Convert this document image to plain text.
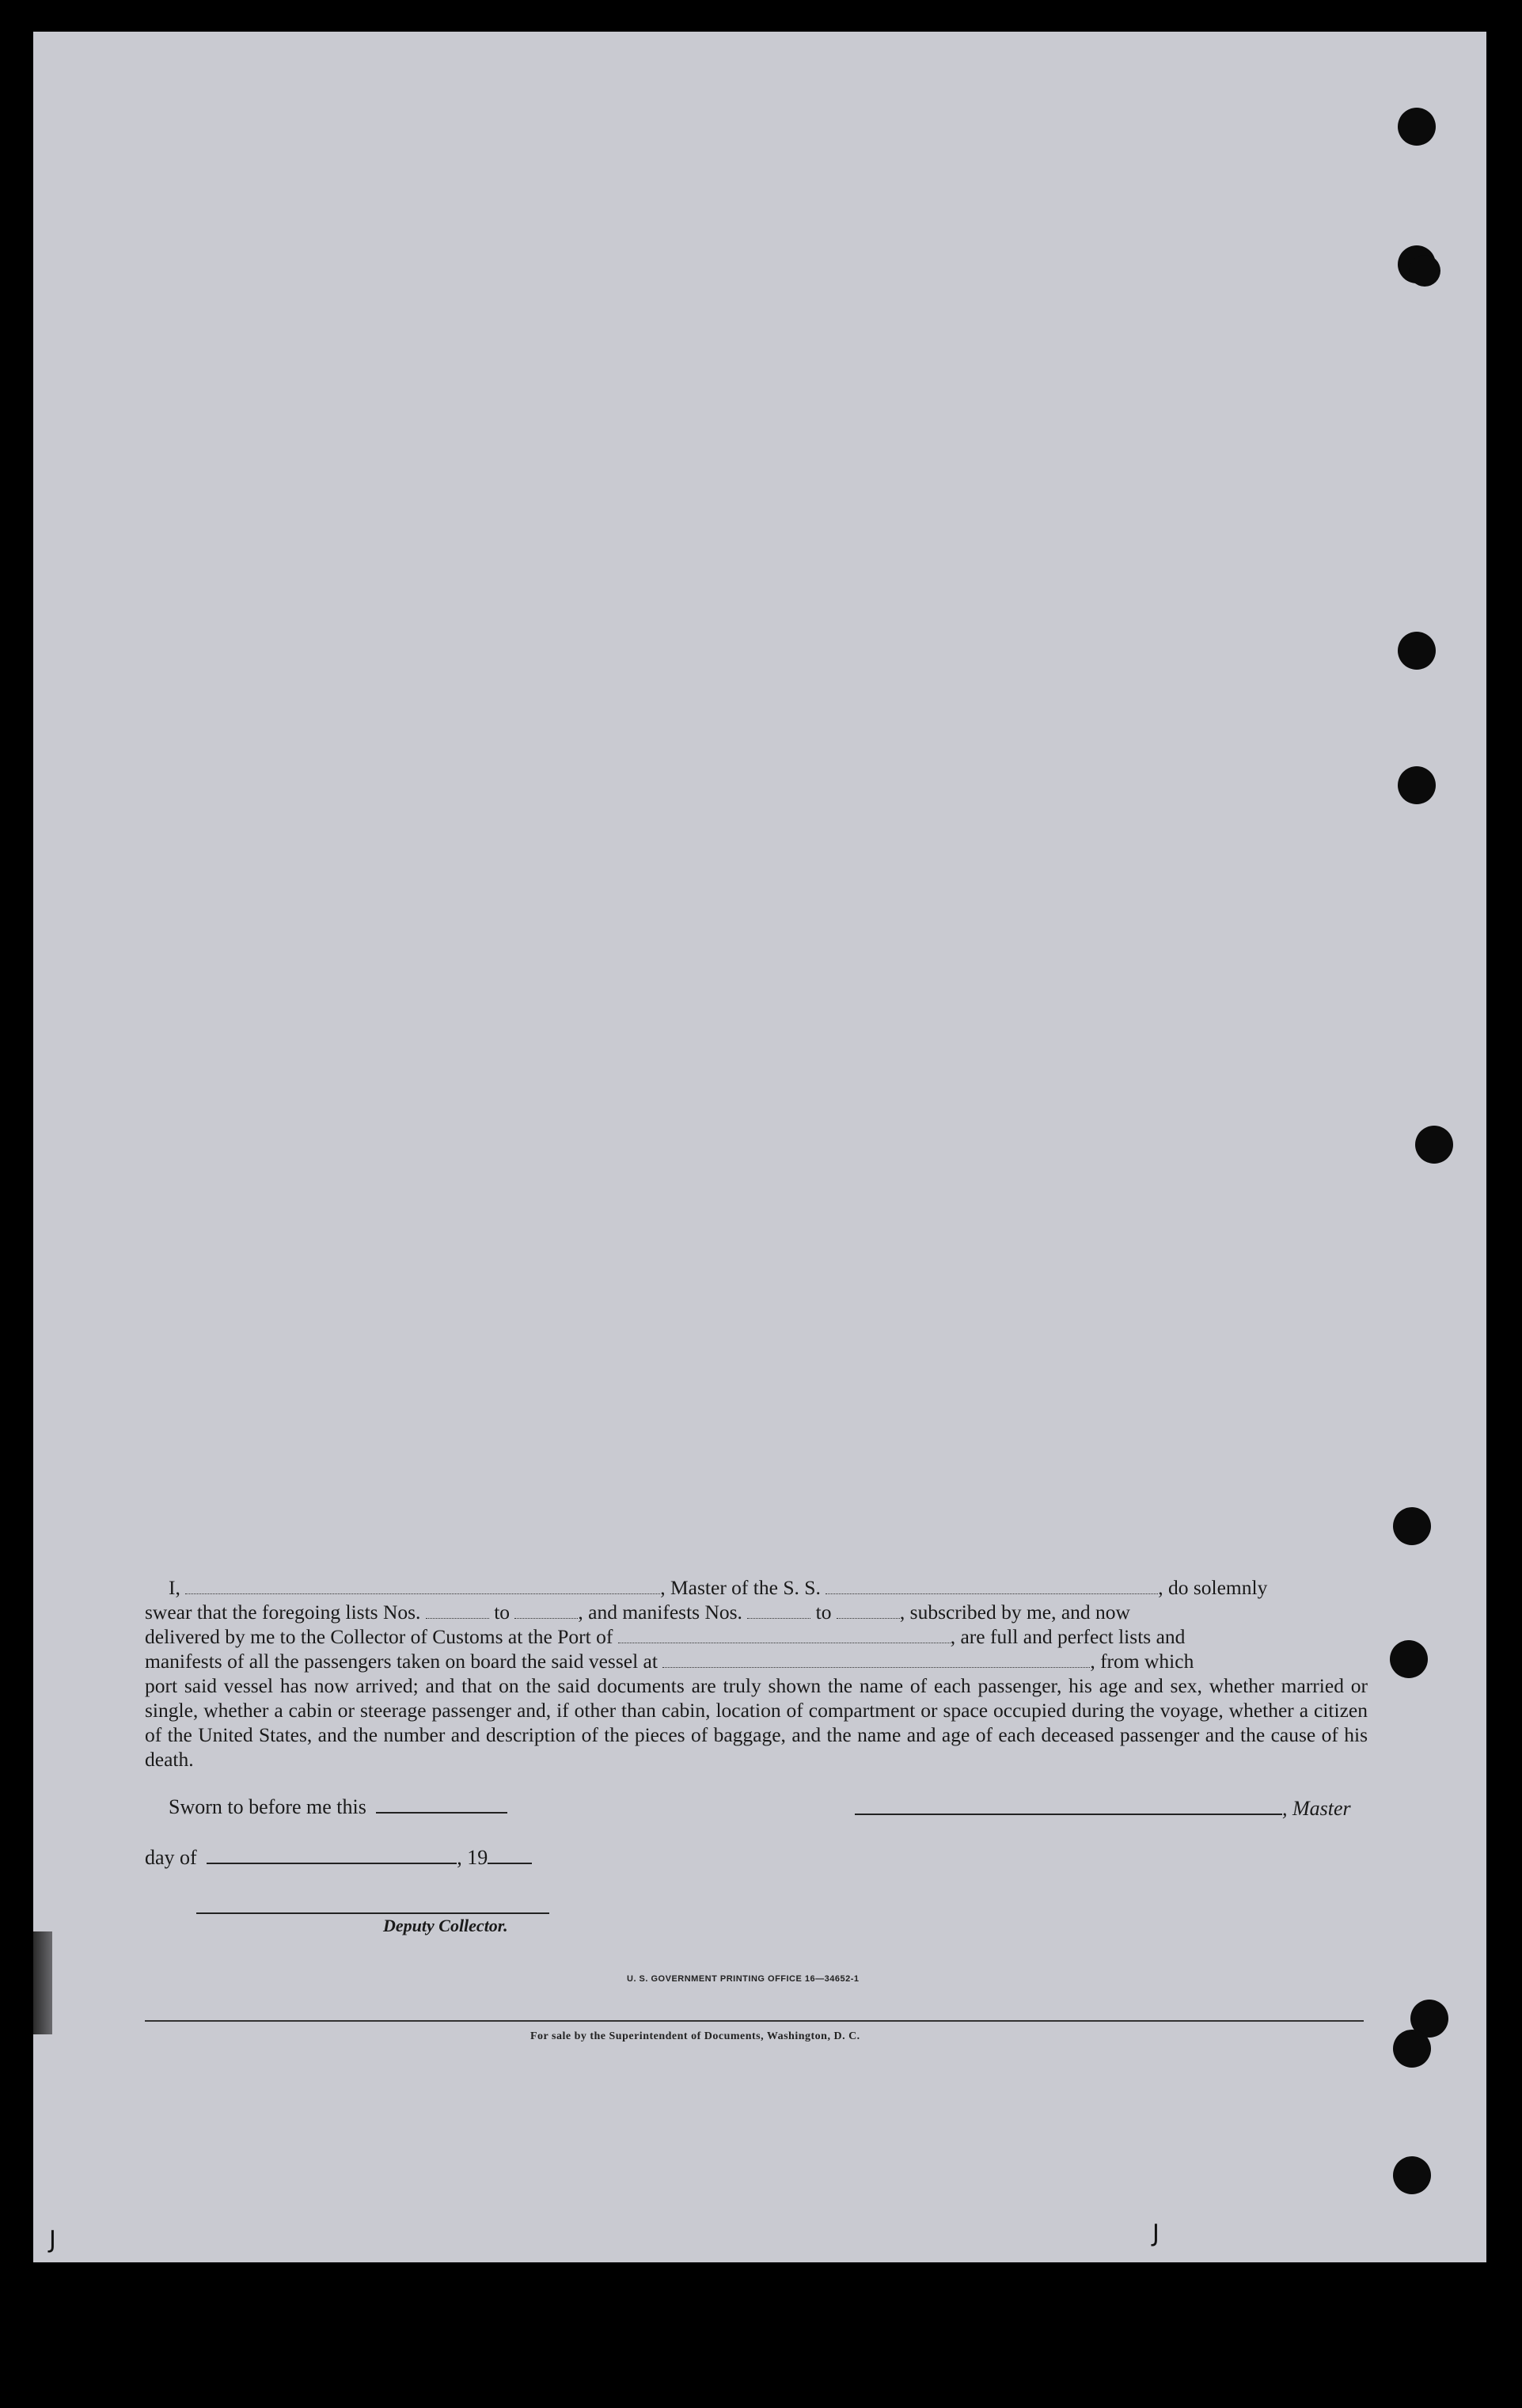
I,	, Master of the S. S.	, do solemnly

swear that the foregoing lists Nos.	to	, and manifests Nos.	to	, subscribed by me, and now

delivered by me to the Collector of Customs at the Port of	, are full and perfect lists and

manifests of all the passengers taken on board the said vessel at	, from which

port said vessel has now arrived; and that on the said documents are truly shown the name of each passenger, his age and sex, whether married or single, whether a cabin or steerage passenger and, if other than cabin, location of compartment or space occupied during the voyage, whether a citizen of the United States, and the number and description of the pieces of baggage, and the name and age of each deceased passenger and the cause of his death.

Sworn to before me this	, Master
day of	, 19
Deputy Collector.
U. S. GOVERNMENT PRINTING OFFICE 16—34652-1
For sale by the Superintendent of Documents, Washington, D. C.
J	J
